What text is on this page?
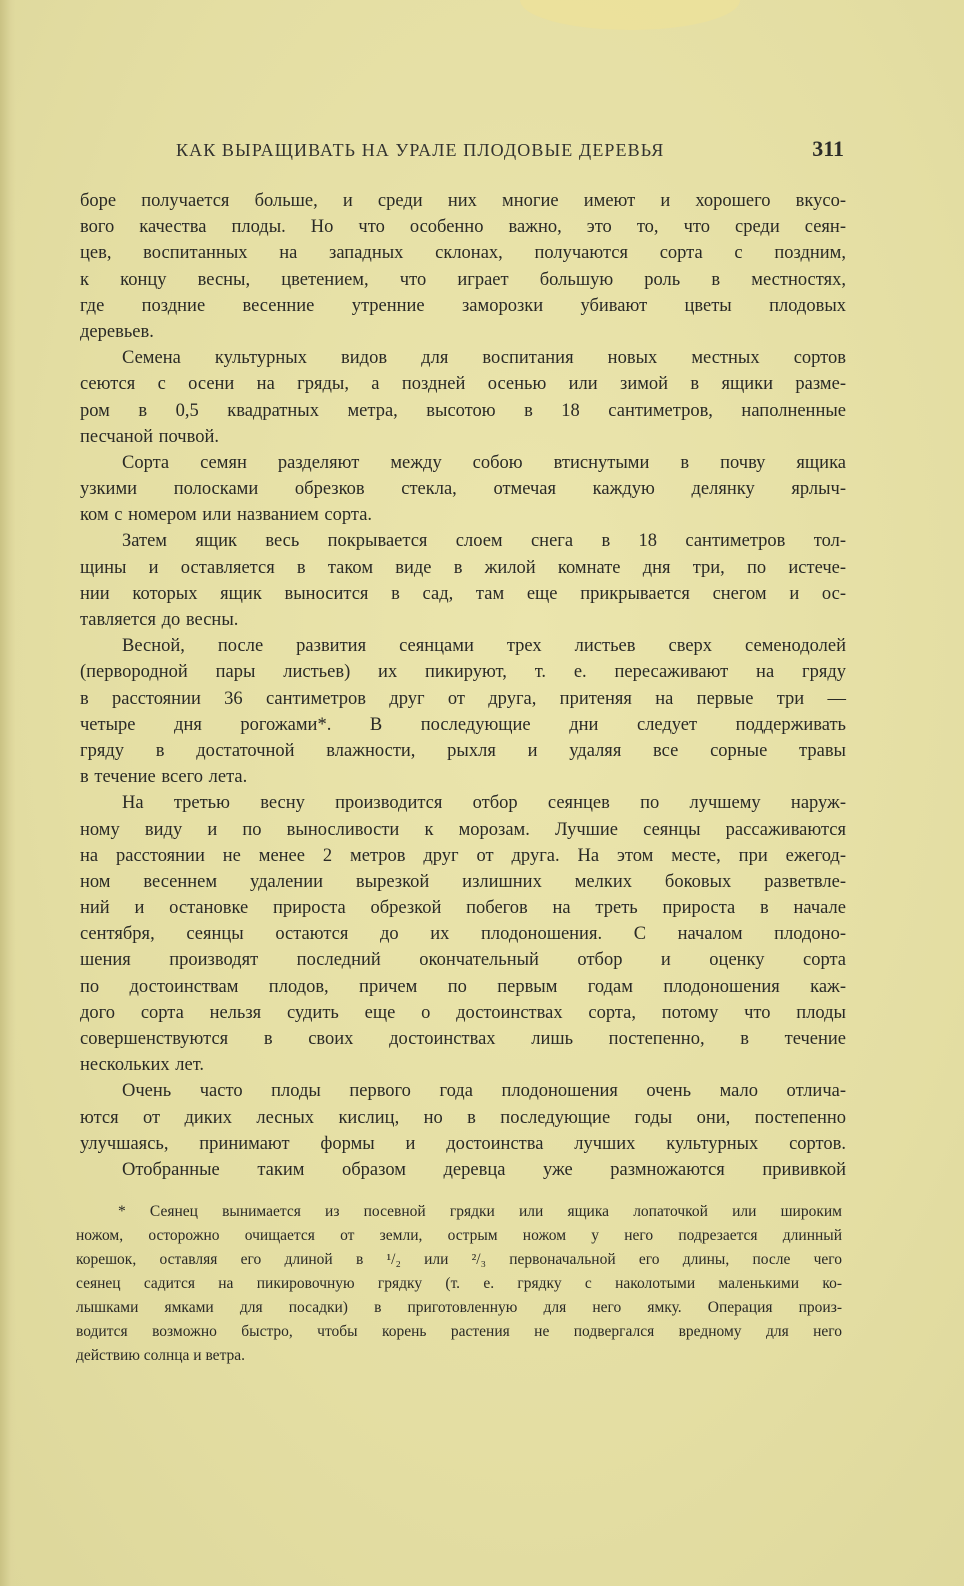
КАК ВЫРАЩИВАТЬ НА УРАЛЕ ПЛОДОВЫЕ ДЕРЕВЬЯ	311
боре получается больше, и среди них многие имеют и хорошего вкусо-
вого качества плоды. Но что особенно важно, это то, что среди сеян-
цев, воспитанных на западных склонах, получаются сорта с поздним,
к концу весны, цветением, что играет большую роль в местностях,
где поздние весенние утренние заморозки убивают цветы плодовых
деревьев.
Семена культурных видов для воспитания новых местных сортов
сеются с осени на гряды, а поздней осенью или зимой в ящики разме-
ром в 0,5 квадратных метра, высотою в 18 сантиметров, наполненные
песчаной почвой.
Сорта семян разделяют между собою втиснутыми в почву ящика
узкими полосками обрезков стекла, отмечая каждую делянку ярлыч-
ком с номером или названием сорта.
Затем ящик весь покрывается слоем снега в 18 сантиметров тол-
щины и оставляется в таком виде в жилой комнате дня три, по истече-
нии которых ящик выносится в сад, там еще прикрывается снегом и ос-
тавляется до весны.
Весной, после развития сеянцами трех листьев сверх семенодолей
(первородной пары листьев) их пикируют, т. е. пересаживают на гряду
в расстоянии 36 сантиметров друг от друга, притеняя на первые три —
четыре дня рогожами*. В последующие дни следует поддерживать
гряду в достаточной влажности, рыхля и удаляя все сорные травы
в течение всего лета.
На третью весну производится отбор сеянцев по лучшему наруж-
ному виду и по выносливости к морозам. Лучшие сеянцы рассаживаются
на расстоянии не менее 2 метров друг от друга. На этом месте, при ежегод-
ном весеннем удалении вырезкой излишних мелких боковых разветвле-
ний и остановке прироста обрезкой побегов на треть прироста в начале
сентября, сеянцы остаются до их плодоношения. С началом плодоно-
шения производят последний окончательный отбор и оценку сорта
по достоинствам плодов, причем по первым годам плодоношения каж-
дого сорта нельзя судить еще о достоинствах сорта, потому что плоды
совершенствуются в своих достоинствах лишь постепенно, в течение
нескольких лет.
Очень часто плоды первого года плодоношения очень мало отлича-
ются от диких лесных кислиц, но в последующие годы они, постепенно
улучшаясь, принимают формы и достоинства лучших культурных сортов.
Отобранные таким образом деревца уже размножаются прививкой
* Сеянец вынимается из посевной грядки или ящика лопаточкой или широким
ножом, осторожно очищается от земли, острым ножом у него подрезается длинный
корешок, оставляя его длиной в ¹/₂ или ²/₃ первоначальной его длины, после чего
сеянец садится на пикировочную грядку (т. е. грядку с наколотыми маленькими ко-
лышками ямками для посадки) в приготовленную для него ямку. Операция произ-
водится возможно быстро, чтобы корень растения не подвергался вредному для него
действию солнца и ветра.
